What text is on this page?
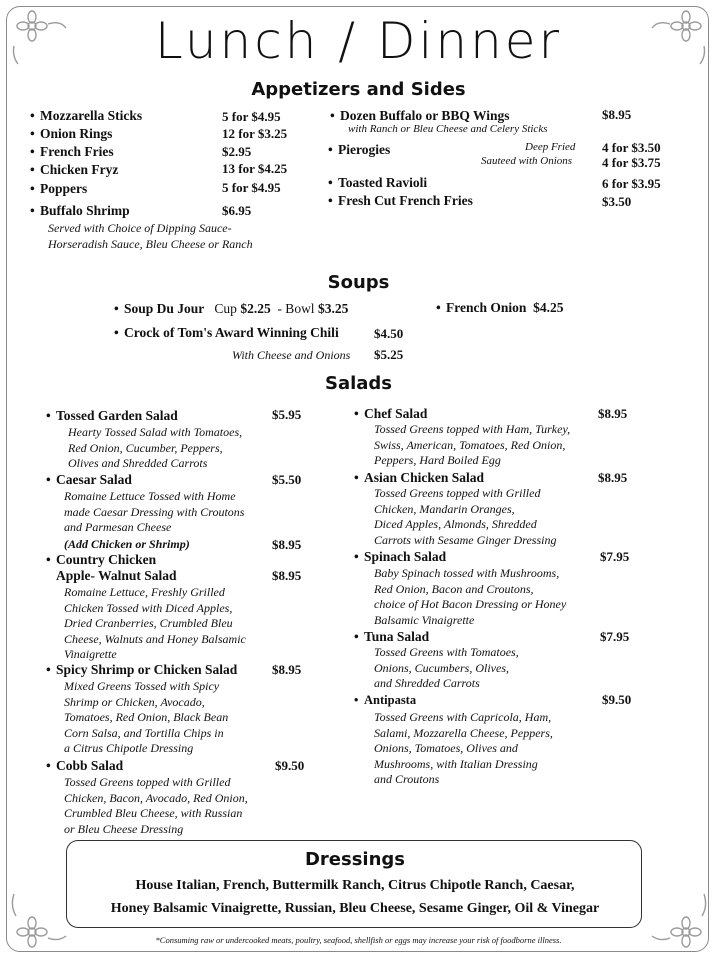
Lunch / Dinner
Appetizers and Sides
• Mozzarella Sticks	5 for $4.95
• Onion Rings	12 for $3.25
• French Fries	$2.95
• Chicken Fryz	13 for $4.25
• Poppers	5 for $4.95
• Buffalo Shrimp	$6.95
Served with Choice of Dipping Sauce-
Horseradish Sauce, Bleu Cheese or Ranch
• Dozen Buffalo or BBQ Wings	$8.95
with Ranch or Bleu Cheese and Celery Sticks
• Pierogies	Deep Fried 4 for $3.50
Sauteed with Onions 4 for $3.75
• Toasted Ravioli	6 for $3.95
• Fresh Cut French Fries	$3.50
Soups
• Soup Du Jour Cup $2.25 - Bowl $3.25	• French Onion $4.25
• Crock of Tom's Award Winning Chili	$4.50
With Cheese and Onions $5.25
Salads
• Tossed Garden Salad	$5.95
Hearty Tossed Salad with Tomatoes,
Red Onion, Cucumber, Peppers,
Olives and Shredded Carrots
• Caesar Salad	$5.50
Romaine Lettuce Tossed with Home
made Caesar Dressing with Croutons
and Parmesan Cheese
(Add Chicken or Shrimp)	$8.95
• Country Chicken
Apple- Walnut Salad	$8.95
Romaine Lettuce, Freshly Grilled
Chicken Tossed with Diced Apples,
Dried Cranberries, Crumbled Bleu
Cheese, Walnuts and Honey Balsamic
Vinaigrette
• Spicy Shrimp or Chicken Salad	$8.95
Mixed Greens Tossed with Spicy
Shrimp or Chicken, Avocado,
Tomatoes, Red Onion, Black Bean
Corn Salsa, and Tortilla Chips in
a Citrus Chipotle Dressing
• Cobb Salad	$9.50
Tossed Greens topped with Grilled
Chicken, Bacon, Avocado, Red Onion,
Crumbled Bleu Cheese, with Russian
or Bleu Cheese Dressing
• Chef Salad	$8.95
Tossed Greens topped with Ham, Turkey,
Swiss, American, Tomatoes, Red Onion,
Peppers, Hard Boiled Egg
• Asian Chicken Salad	$8.95
Tossed Greens topped with Grilled
Chicken, Mandarin Oranges,
Diced Apples, Almonds, Shredded
Carrots with Sesame Ginger Dressing
• Spinach Salad	$7.95
Baby Spinach tossed with Mushrooms,
Red Onion, Bacon and Croutons,
choice of Hot Bacon Dressing or Honey
Balsamic Vinaigrette
• Tuna Salad	$7.95
Tossed Greens with Tomatoes,
Onions, Cucumbers, Olives,
and Shredded Carrots
• Antipasta	$9.50
Tossed Greens with Capricola, Ham,
Salami, Mozzarella Cheese, Peppers,
Onions, Tomatoes, Olives and
Mushrooms, with Italian Dressing
and Croutons
Dressings
House Italian, French, Buttermilk Ranch, Citrus Chipotle Ranch, Caesar,
Honey Balsamic Vinaigrette, Russian, Bleu Cheese, Sesame Ginger, Oil & Vinegar
*Consuming raw or undercooked meats, poultry, seafood, shellfish or eggs may increase your risk of foodborne illness.
